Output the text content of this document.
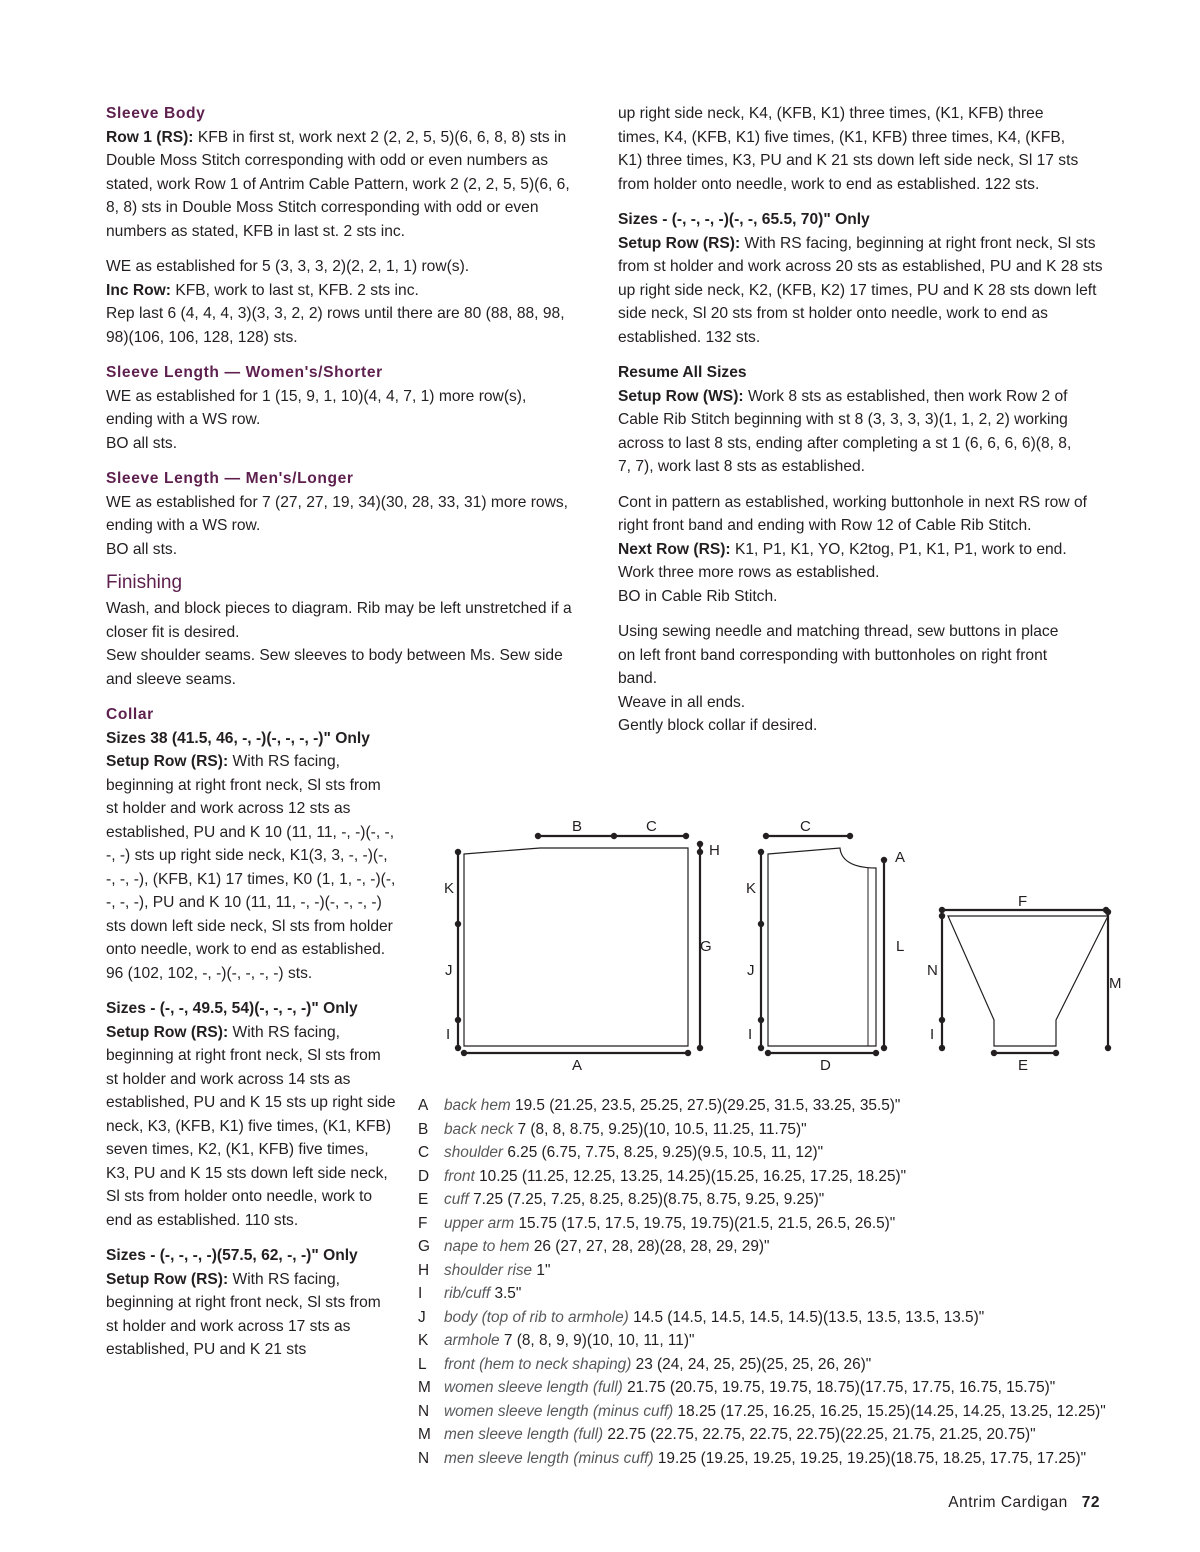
Sleeve Body

Row 1 (RS): KFB in first st, work next 2 (2, 2, 5, 5)(6, 6, 8, 8) sts in Double Moss Stitch corresponding with odd or even numbers as stated, work Row 1 of Antrim Cable Pattern, work 2 (2, 2, 5, 5)(6, 6, 8, 8) sts in Double Moss Stitch corresponding with odd or even numbers as stated, KFB in last st. 2 sts inc.

WE as established for 5 (3, 3, 3, 2)(2, 2, 1, 1) row(s).
Inc Row: KFB, work to last st, KFB. 2 sts inc.
Rep last 6 (4, 4, 4, 3)(3, 3, 2, 2) rows until there are 80 (88, 88, 98, 98)(106, 106, 128, 128) sts.

Sleeve Length — Women's/Shorter

WE as established for 1 (15, 9, 1, 10)(4, 4, 7, 1) more row(s), ending with a WS row.
BO all sts.

Sleeve Length — Men's/Longer

WE as established for 7 (27, 27, 19, 34)(30, 28, 33, 31) more rows, ending with a WS row.
BO all sts.

Finishing

Wash, and block pieces to diagram. Rib may be left unstretched if a closer fit is desired.
Sew shoulder seams. Sew sleeves to body between Ms. Sew side and sleeve seams.

Collar
Sizes 38 (41.5, 46, -, -)(-, -, -, -)" Only

Setup Row (RS): With RS facing, beginning at right front neck, Sl sts from st holder and work across 12 sts as established, PU and K 10 (11, 11, -, -)(-, -, -, -) sts up right side neck, K1(3, 3, -, -)(-, -, -, -), (KFB, K1) 17 times, K0 (1, 1, -, -)(-, -, -, -), PU and K 10 (11, 11, -, -)(-, -, -, -) sts down left side neck, Sl sts from holder onto needle, work to end as established. 96 (102, 102, -, -)(-, -, -, -) sts.

Sizes - (-, -, 49.5, 54)(-, -, -, -)" Only

Setup Row (RS): With RS facing, beginning at right front neck, Sl sts from st holder and work across 14 sts as established, PU and K 15 sts up right side neck, K3, (KFB, K1) five times, (K1, KFB) seven times, K2, (K1, KFB) five times, K3, PU and K 15 sts down left side neck, Sl sts from holder onto needle, work to end as established. 110 sts.

Sizes - (-, -, -, -)(57.5, 62, -, -)" Only

Setup Row (RS): With RS facing, beginning at right front neck, Sl sts from st holder and work across 17 sts as established, PU and K 21 sts

up right side neck, K4, (KFB, K1) three times, (K1, KFB) three times, K4, (KFB, K1) five times, (K1, KFB) three times, K4, (KFB, K1) three times, K3, PU and K 21 sts down left side neck, Sl 17 sts from holder onto needle, work to end as established. 122 sts.

Sizes - (-, -, -, -)(-, -, 65.5, 70)" Only

Setup Row (RS): With RS facing, beginning at right front neck, Sl sts from st holder and work across 20 sts as established, PU and K 28 sts up right side neck, K2, (KFB, K2) 17 times, PU and K 28 sts down left side neck, Sl 20 sts from st holder onto needle, work to end as established. 132 sts.

Resume All Sizes

Setup Row (WS): Work 8 sts as established, then work Row 2 of Cable Rib Stitch beginning with st 8 (3, 3, 3, 3)(1, 1, 2, 2) working across to last 8 sts, ending after completing a st 1 (6, 6, 6, 6)(8, 8, 7, 7), work last 8 sts as established.

Cont in pattern as established, working buttonhole in next RS row of right front band and ending with Row 12 of Cable Rib Stitch.
Next Row (RS): K1, P1, K1, YO, K2tog, P1, K1, P1, work to end.
Work three more rows as established.
BO in Cable Rib Stitch.

Using sewing needle and matching thread, sew buttons in place on left front band corresponding with buttonholes on right front band.
Weave in all ends.
Gently block collar if desired.

B	C	C
K
J
I
A
H
G
K
J
I
D
A
L
F
N
I
M
E
A back hem 19.5 (21.25, 23.5, 25.25, 27.5)(29.25, 31.5, 33.25, 35.5)"
B back neck 7 (8, 8, 8.75, 9.25)(10, 10.5, 11.25, 11.75)"
C shoulder 6.25 (6.75, 7.75, 8.25, 9.25)(9.5, 10.5, 11, 12)"
D front 10.25 (11.25, 12.25, 13.25, 14.25)(15.25, 16.25, 17.25, 18.25)"
E cuff 7.25 (7.25, 7.25, 8.25, 8.25)(8.75, 8.75, 9.25, 9.25)"
F upper arm 15.75 (17.5, 17.5, 19.75, 19.75)(21.5, 21.5, 26.5, 26.5)"
G nape to hem 26 (27, 27, 28, 28)(28, 28, 29, 29)"
H shoulder rise 1"
I rib/cuff 3.5"
J body (top of rib to armhole) 14.5 (14.5, 14.5, 14.5, 14.5)(13.5, 13.5, 13.5, 13.5)"
K armhole 7 (8, 8, 9, 9)(10, 10, 11, 11)"
L front (hem to neck shaping) 23 (24, 24, 25, 25)(25, 25, 26, 26)"
M women sleeve length (full) 21.75 (20.75, 19.75, 19.75, 18.75)(17.75, 17.75, 16.75, 15.75)"
N women sleeve length (minus cuff) 18.25 (17.25, 16.25, 16.25, 15.25)(14.25, 14.25, 13.25, 12.25)"
M men sleeve length (full) 22.75 (22.75, 22.75, 22.75, 22.75)(22.25, 21.75, 21.25, 20.75)"
N men sleeve length (minus cuff) 19.25 (19.25, 19.25, 19.25, 19.25)(18.75, 18.25, 17.75, 17.25)"
Antrim Cardigan 72
